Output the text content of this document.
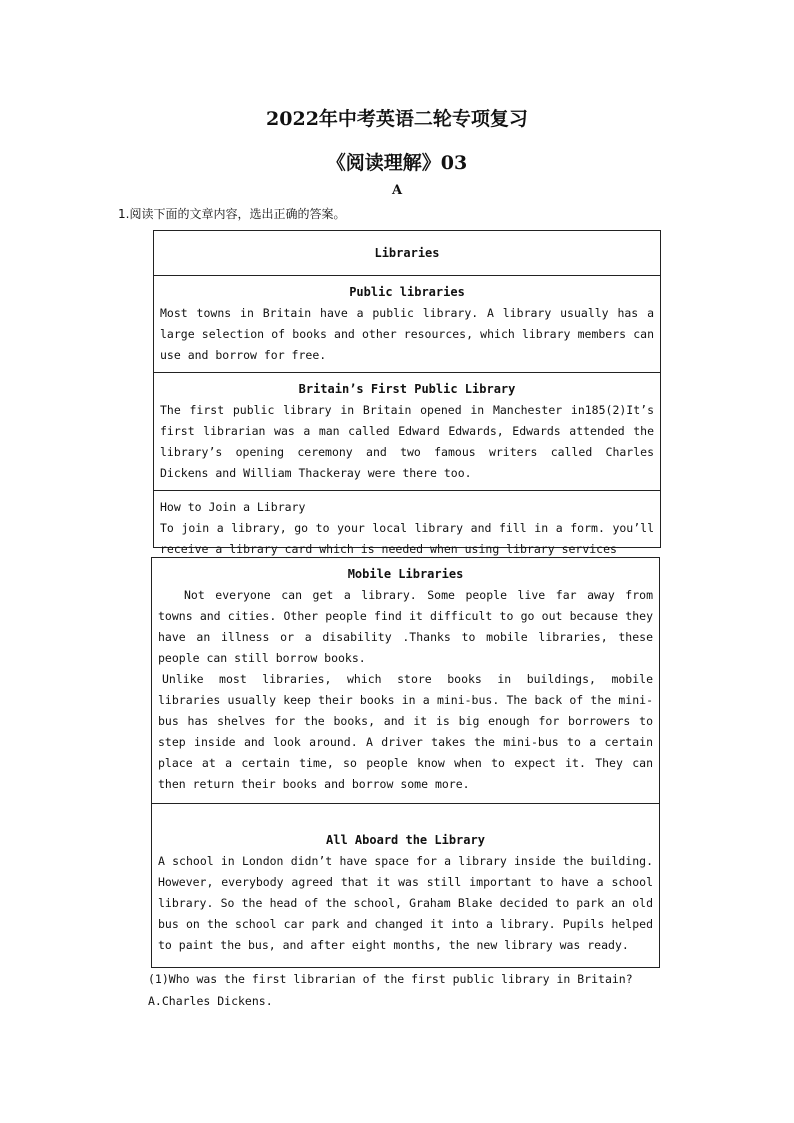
2022年中考英语二轮专项复习
《阅读理解》03
A
1.阅读下面的文章内容，选出正确的答案。
Libraries
Public libraries

Most towns in Britain have a public library. A library usually has a large selection of books and other resources, which library members can use and borrow for free.

Britain’s First Public Library

The first public library in Britain opened in Manchester in185(2)It’s first librarian was a man called Edward Edwards, Edwards attended the library’s opening ceremony and two famous writers called Charles Dickens and William Thackeray were there too.

How to Join a Library

To join a library, go to your local library and fill in a form. you’ll receive a library card which is needed when using library services

Mobile Libraries

Not everyone can get a library. Some people live far away from towns and cities. Other people find it difficult to go out because they have an illness or a disability .Thanks to mobile libraries, these people can still borrow books.

Unlike most libraries, which store books in buildings, mobile libraries usually keep their books in a mini-bus. The back of the mini-bus has shelves for the books, and it is big enough for borrowers to step inside and look around. A driver takes the mini-bus to a certain place at a certain time, so people know when to expect it. They can then return their books and borrow some more.

All Aboard the Library

A school in London didn’t have space for a library inside the building. However, everybody agreed that it was still important to have a school library. So the head of the school, Graham Blake decided to park an old bus on the school car park and changed it into a library. Pupils helped to paint the bus, and after eight months, the new library was ready.

(1)Who was the first librarian of the first public library in Britain?
A.Charles Dickens.
